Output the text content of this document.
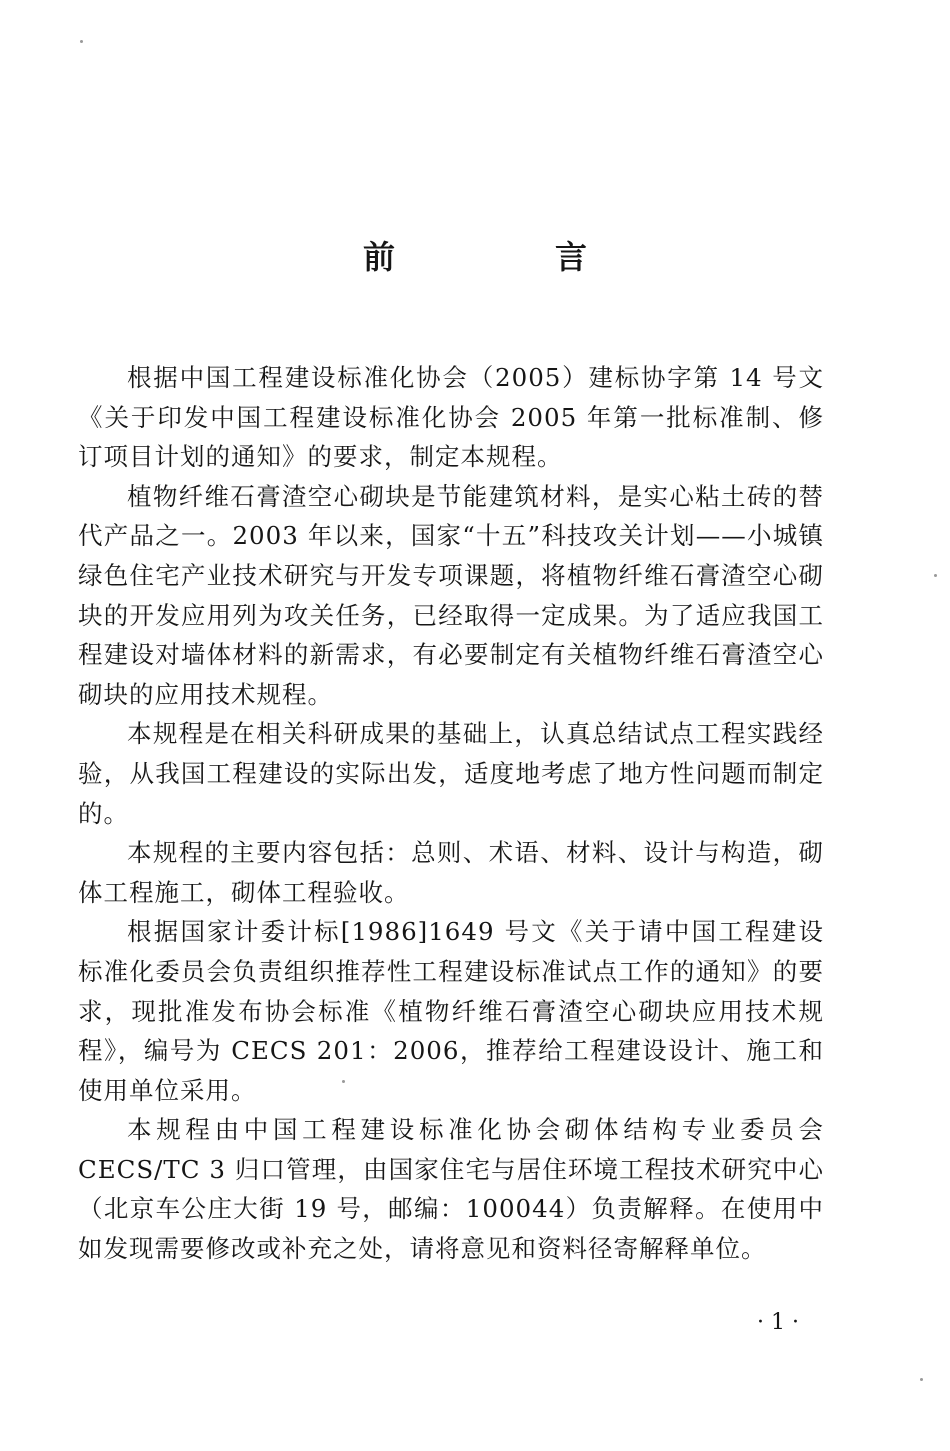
前　言

根据中国工程建设标准化协会（2005）建标协字第 14 号文《关于印发中国工程建设标准化协会 2005 年第一批标准制、修订项目计划的通知》的要求，制定本规程。

植物纤维石膏渣空心砌块是节能建筑材料，是实心粘土砖的替代产品之一。2003 年以来，国家“十五”科技攻关计划——小城镇绿色住宅产业技术研究与开发专项课题，将植物纤维石膏渣空心砌块的开发应用列为攻关任务，已经取得一定成果。为了适应我国工程建设对墙体材料的新需求，有必要制定有关植物纤维石膏渣空心砌块的应用技术规程。

本规程是在相关科研成果的基础上，认真总结试点工程实践经验，从我国工程建设的实际出发，适度地考虑了地方性问题而制定的。

本规程的主要内容包括：总则、术语、材料、设计与构造，砌体工程施工，砌体工程验收。

根据国家计委计标[1986]1649 号文《关于请中国工程建设标准化委员会负责组织推荐性工程建设标准试点工作的通知》的要求，现批准发布协会标准《植物纤维石膏渣空心砌块应用技术规程》，编号为 CECS 201：2006，推荐给工程建设设计、施工和使用单位采用。

本规程由中国工程建设标准化协会砌体结构专业委员会 CECS/TC 3 归口管理，由国家住宅与居住环境工程技术研究中心（北京车公庄大街 19 号，邮编：100044）负责解释。在使用中如发现需要修改或补充之处，请将意见和资料径寄解释单位。

· 1 ·
